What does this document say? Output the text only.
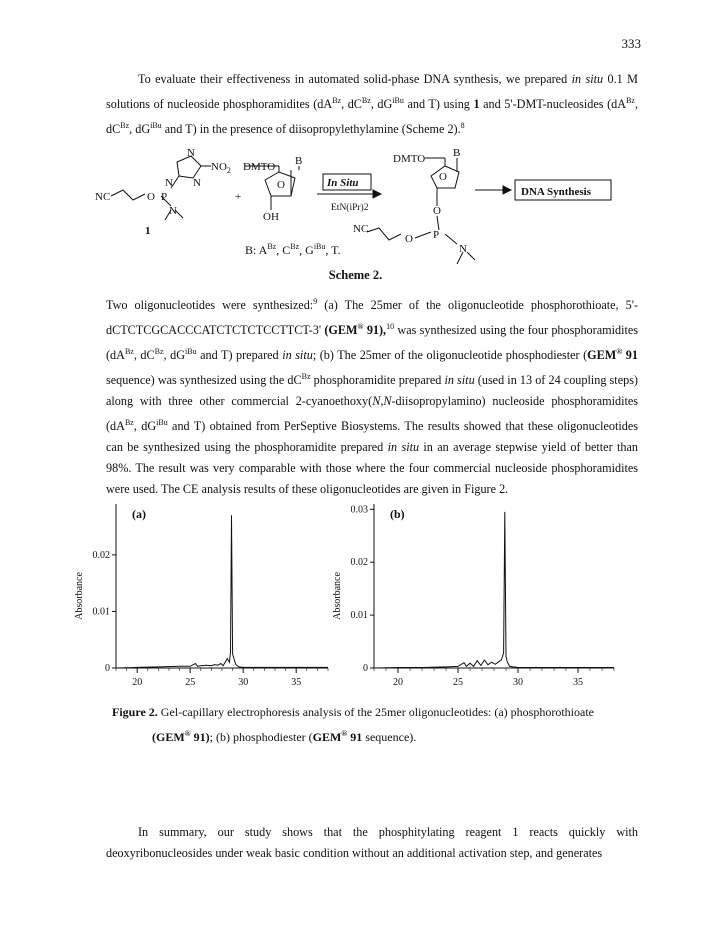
333
To evaluate their effectiveness in automated solid-phase DNA synthesis, we prepared in situ 0.1 M solutions of nucleoside phosphoramidites ($dA^{Bz}$, $dC^{Bz}$, $dG^{iBu}$ and T) using 1 and 5'-DMT-nucleosides ($dA^{Bz}$, $dC^{Bz}$, $dG^{iBu}$ and T) in the presence of diisopropylethylamine (Scheme 2).$^8$
N
N N
$NO_2$
NC	O P
N
1
+
DMTO B
O
OH
In Situ
EtN(iPr)2
DMTO	B
O
O
NC
O P
N
DNA Synthesis
B: $A^{Bz}$, $C^{Bz}$, $G^{iBu}$, T.
Scheme 2.
Two oligonucleotides were synthesized:$^9$ (a) The 25mer of the oligonucleotide phosphorothioate, 5'-dCTCTCGCACCCATCTCTCTCCTTCT-3' (GEM® 91),$^{10}$ was synthesized using the four phosphoramidites ($dA^{Bz}$, $dC^{Bz}$, $dG^{iBu}$ and T) prepared in situ; (b) The 25mer of the oligonucleotide phosphodiester (GEM® 91 sequence) was synthesized using the $dC^{Bz}$ phosphoramidite prepared in situ (used in 13 of 24 coupling steps) along with three other commercial 2-cyanoethoxy(N,N-diisopropylamino) nucleoside phosphoramidites ($dA^{Bz}$, $dG^{iBu}$ and T) obtained from PerSeptive Biosystems. The results showed that these oligonucleotides can be synthesized using the phosphoramidite prepared in situ in an average stepwise yield of better than 98%. The result was very comparable with those where the four commercial nucleoside phosphoramidites were used. The CE analysis results of these oligonucleotides are given in Figure 2.
20	25	30	35
0
0.01
0.02
Absorbance
(a)
20	25	30	35
0
0.01
0.02
0.03
Absorbance
(b)
Figure 2. Gel-capillary electrophoresis analysis of the 25mer oligonucleotides: (a) phosphorothioate
(GEM® 91); (b) phosphodiester (GEM® 91 sequence).
In summary, our study shows that the phosphitylating reagent 1 reacts quickly with deoxyribonucleosides under weak basic condition without an additional activation step, and generates
